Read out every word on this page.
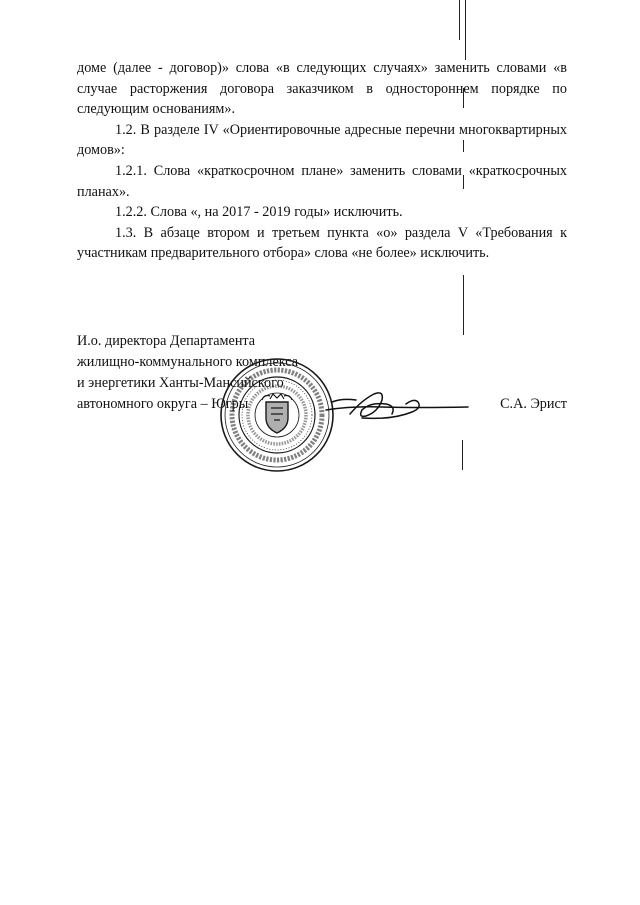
доме (далее - договор)» слова «в следующих случаях» заменить словами «в случае расторжения договора заказчиком в одностороннем порядке по следующим основаниям».

1.2. В разделе IV «Ориентировочные адресные перечни многоквартирных домов»:

1.2.1. Слова «краткосрочном плане» заменить словами «краткосрочных планах».

1.2.2. Слова «, на 2017 - 2019 годы» исключить.

1.3. В абзаце втором и третьем пункта «о» раздела V «Требования к участникам предварительного отбора» слова «не более» исключить.

И.о. директора Департамента
жилищно-коммунального комплекса
и энергетики Ханты-Мансийского
автономного округа – Югры	С.А. Эрист
